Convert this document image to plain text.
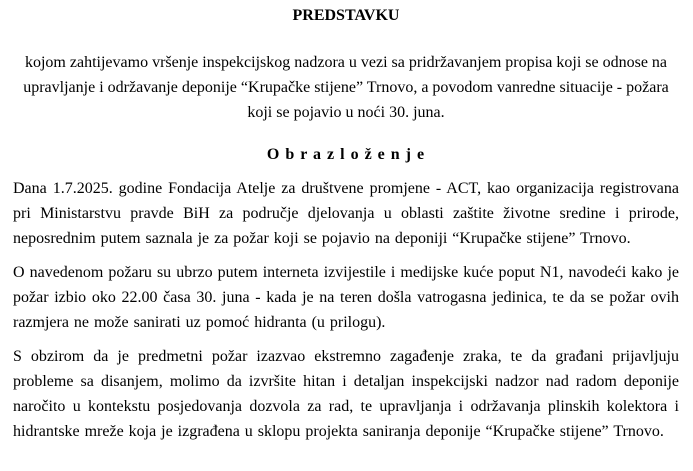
PREDSTAVKU

kojom zahtijevamo vršenje inspekcijskog nadzora u vezi sa pridržavanjem propisa koji se odnose na upravljanje i održavanje deponije “Krupačke stijene” Trnovo, a povodom vanredne situacije - požara koji se pojavio u noći 30. juna.

O b r a z l o ž e n j e

Dana 1.7.2025. godine Fondacija Atelje za društvene promjene - ACT, kao organizacija registrovana pri Ministarstvu pravde BiH za područje djelovanja u oblasti zaštite životne sredine i prirode, neposrednim putem saznala je za požar koji se pojavio na deponiji “Krupačke stijene” Trnovo.

O navedenom požaru su ubrzo putem interneta izvijestile i medijske kuće poput N1, navodeći kako je požar izbio oko 22.00 časa 30. juna - kada je na teren došla vatrogasna jedinica, te da se požar ovih razmjera ne može sanirati uz pomoć hidranta (u prilogu).

S obzirom da je predmetni požar izazvao ekstremno zagađenje zraka, te da građani prijavljuju probleme sa disanjem, molimo da izvršite hitan i detaljan inspekcijski nadzor nad radom deponije naročito u kontekstu posjedovanja dozvola za rad, te upravljanja i održavanja plinskih kolektora i hidrantske mreže koja je izgrađena u sklopu projekta saniranja deponije “Krupačke stijene” Trnovo.
